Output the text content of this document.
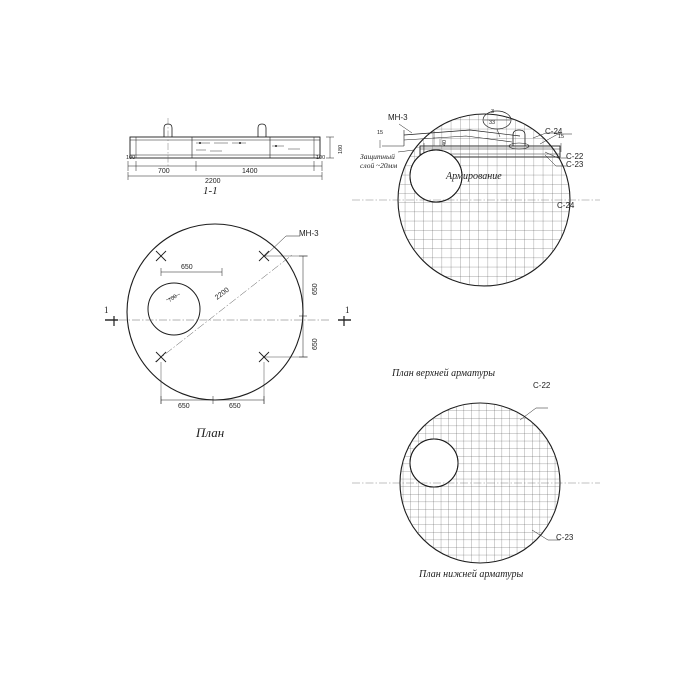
100
700	1400
2200
100
180
1-1
МН-3
3
33
С-24
С-22
С-23
Защитный
слой ~20мм
15
40
15
Армирование
С-24
План верхней арматуры
С-22
С-23
План нижней арматуры
МН-3
650
650
650
650	650
2200
700
1	1
План
